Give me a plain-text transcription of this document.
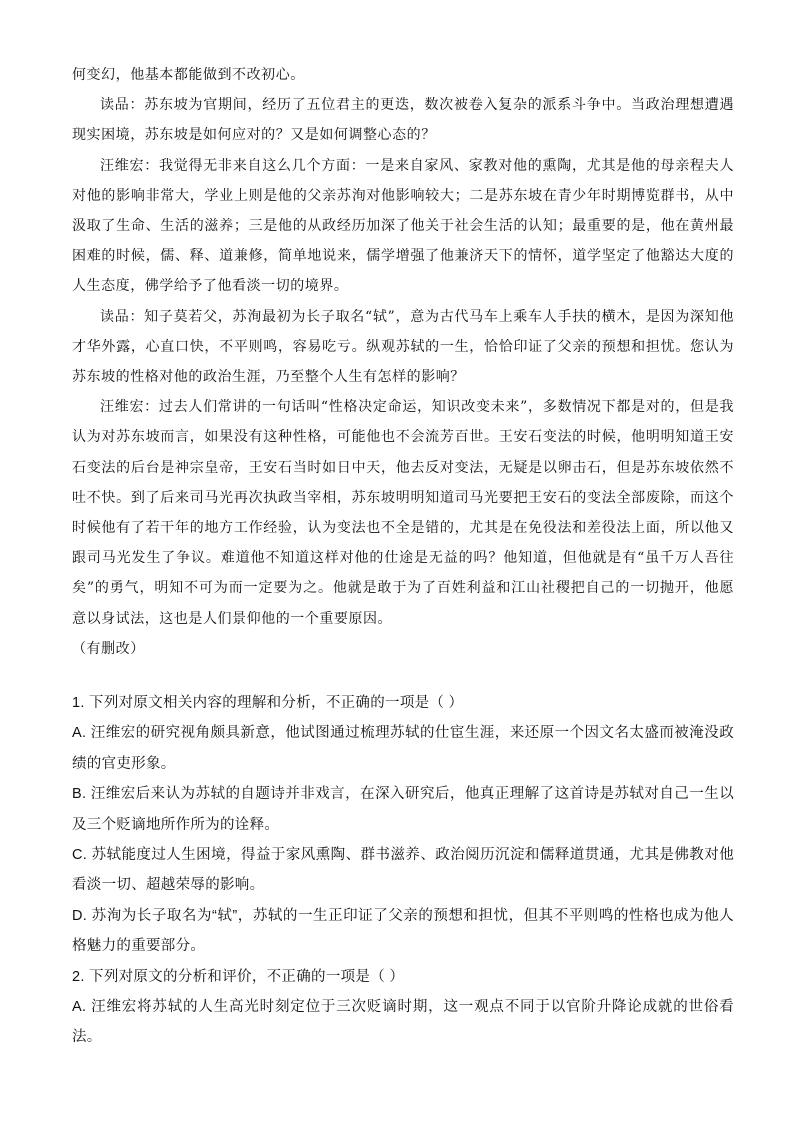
何变幻，他基本都能做到不改初心。

读品：苏东坡为官期间，经历了五位君主的更迭，数次被卷入复杂的派系斗争中。当政治理想遭遇现实困境，苏东坡是如何应对的？又是如何调整心态的？

汪维宏：我觉得无非来自这么几个方面：一是来自家风、家教对他的熏陶，尤其是他的母亲程夫人对他的影响非常大，学业上则是他的父亲苏洵对他影响较大；二是苏东坡在青少年时期博览群书，从中汲取了生命、生活的滋养；三是他的从政经历加深了他关于社会生活的认知；最重要的是，他在黄州最困难的时候，儒、释、道兼修，简单地说来，儒学增强了他兼济天下的情怀，道学坚定了他豁达大度的人生态度，佛学给予了他看淡一切的境界。

读品：知子莫若父，苏洵最初为长子取名“轼”，意为古代马车上乘车人手扶的横木，是因为深知他才华外露，心直口快，不平则鸣，容易吃亏。纵观苏轼的一生，恰恰印证了父亲的预想和担忧。您认为苏东坡的性格对他的政治生涯，乃至整个人生有怎样的影响？

汪维宏：过去人们常讲的一句话叫“性格决定命运，知识改变未来”，多数情况下都是对的，但是我认为对苏东坡而言，如果没有这种性格，可能他也不会流芳百世。王安石变法的时候，他明明知道王安石变法的后台是神宗皇帝，王安石当时如日中天，他去反对变法，无疑是以卵击石，但是苏东坡依然不吐不快。到了后来司马光再次执政当宰相，苏东坡明明知道司马光要把王安石的变法全部废除，而这个时候他有了若干年的地方工作经验，认为变法也不全是错的，尤其是在免役法和差役法上面，所以他又跟司马光发生了争议。难道他不知道这样对他的仕途是无益的吗？他知道，但他就是有“虽千万人吾往矣”的勇气，明知不可为而一定要为之。他就是敢于为了百姓利益和江山社稷把自己的一切抛开，他愿意以身试法，这也是人们景仰他的一个重要原因。

（有删改）

1. 下列对原文相关内容的理解和分析，不正确的一项是（ ）

A. 汪维宏的研究视角颇具新意，他试图通过梳理苏轼的仕宦生涯，来还原一个因文名太盛而被淹没政绩的官吏形象。

B. 汪维宏后来认为苏轼的自题诗并非戏言，在深入研究后，他真正理解了这首诗是苏轼对自己一生以及三个贬谪地所作所为的诠释。

C. 苏轼能度过人生困境，得益于家风熏陶、群书滋养、政治阅历沉淀和儒释道贯通，尤其是佛教对他看淡一切、超越荣辱的影响。

D. 苏洵为长子取名为“轼”，苏轼的一生正印证了父亲的预想和担忧，但其不平则鸣的性格也成为他人格魅力的重要部分。

2. 下列对原文的分析和评价，不正确的一项是（ ）

A. 汪维宏将苏轼的人生高光时刻定位于三次贬谪时期，这一观点不同于以官阶升降论成就的世俗看法。
